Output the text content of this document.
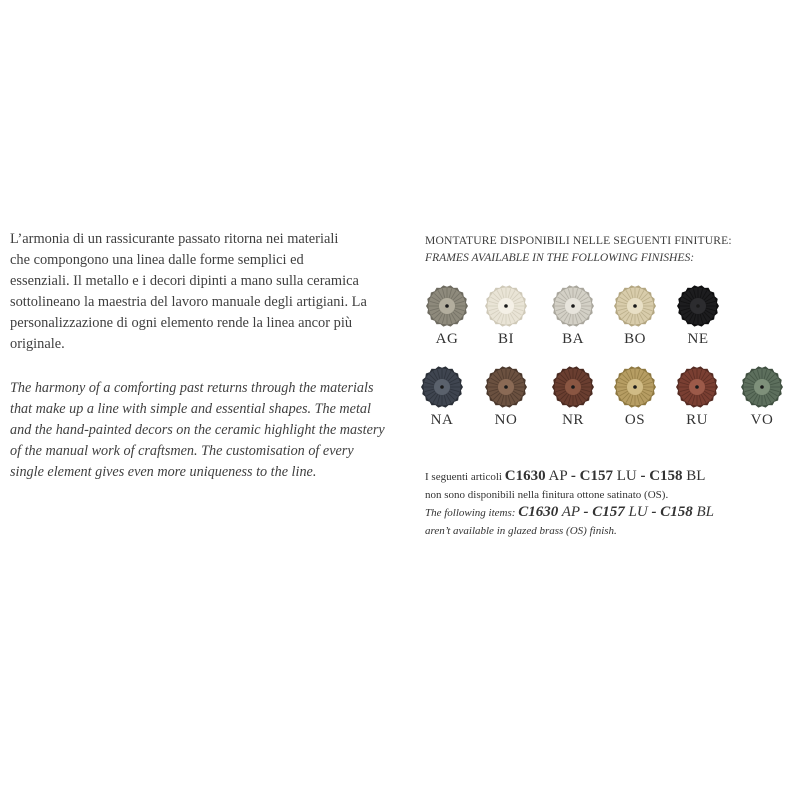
L’armonia di un rassicurante passato ritorna nei materiali
che compongono una linea dalle forme semplici ed
essenziali. Il metallo e i decori dipinti a mano sulla ceramica
sottolineano la maestria del lavoro manuale degli artigiani. La
personalizzazione di ogni elemento rende la linea ancor più
originale.

The harmony of a comforting past returns through the materials
that make up a line with simple and essential shapes. The metal
and the hand-painted decors on the ceramic highlight the mastery
of the manual work of craftsmen. The customisation of every
single element gives even more uniqueness to the line.

MONTATURE DISPONIBILI NELLE SEGUENTI FINITURE:
FRAMES AVAILABLE IN THE FOLLOWING FINISHES:
AG	BI	BA	BO	NE
NA	NO	NR	OS	RU	VO
I seguenti articoli C1630 AP - C157 LU - C158 BL
non sono disponibili nella finitura ottone satinato (OS).
The following items: C1630 AP - C157 LU - C158 BL
aren’t available in glazed brass (OS) finish.
